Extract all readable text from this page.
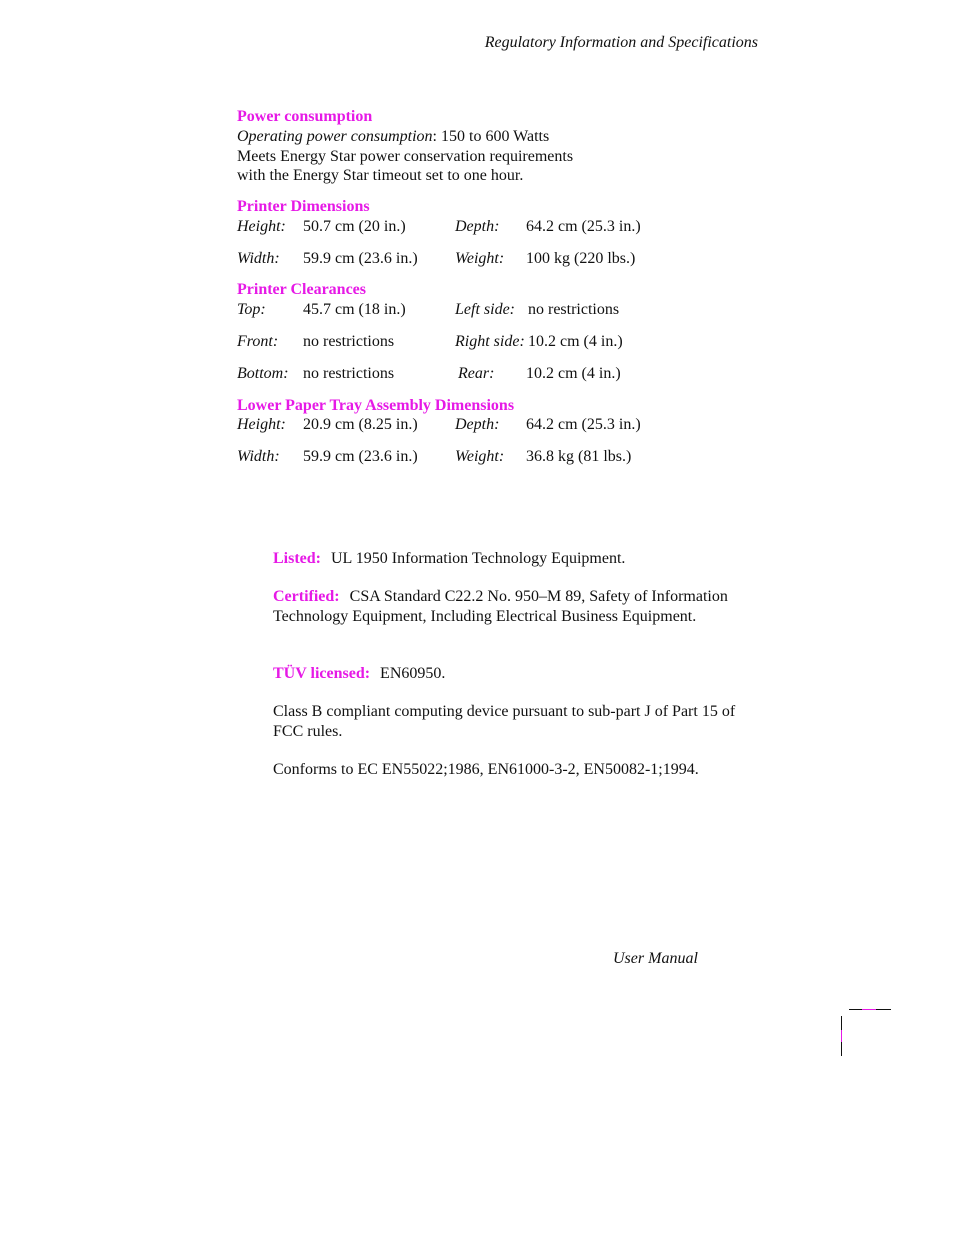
Regulatory Information and Specifications
Power consumption
Operating power consumption: 150 to 600 Watts
Meets Energy Star power conservation requirements
with the Energy Star timeout set to one hour.
Printer Dimensions
Height: 50.7 cm (20 in.)	Depth: 64.2 cm (25.3 in.)
Width: 59.9 cm (23.6 in.) Weight: 100 kg (220 lbs.)
Printer Clearances
Top: 45.7 cm (18 in.)	Left side: no restrictions
Front: no restrictions	Right side: 10.2 cm (4 in.)
Bottom: no restrictions	Rear: 10.2 cm (4 in.)
Lower Paper Tray Assembly Dimensions
Height: 20.9 cm (8.25 in.) Depth: 64.2 cm (25.3 in.)
Width: 59.9 cm (23.6 in.) Weight: 36.8 kg (81 lbs.)
Listed: UL 1950 Information Technology Equipment.
Certified: CSA Standard C22.2 No. 950–M 89, Safety of Information Technology Equipment, Including Electrical Business Equipment.
TÜV licensed: EN60950.
Class B compliant computing device pursuant to sub-part J of Part 15 of FCC rules.
Conforms to EC EN55022;1986, EN61000-3-2, EN50082-1;1994.
User Manual
